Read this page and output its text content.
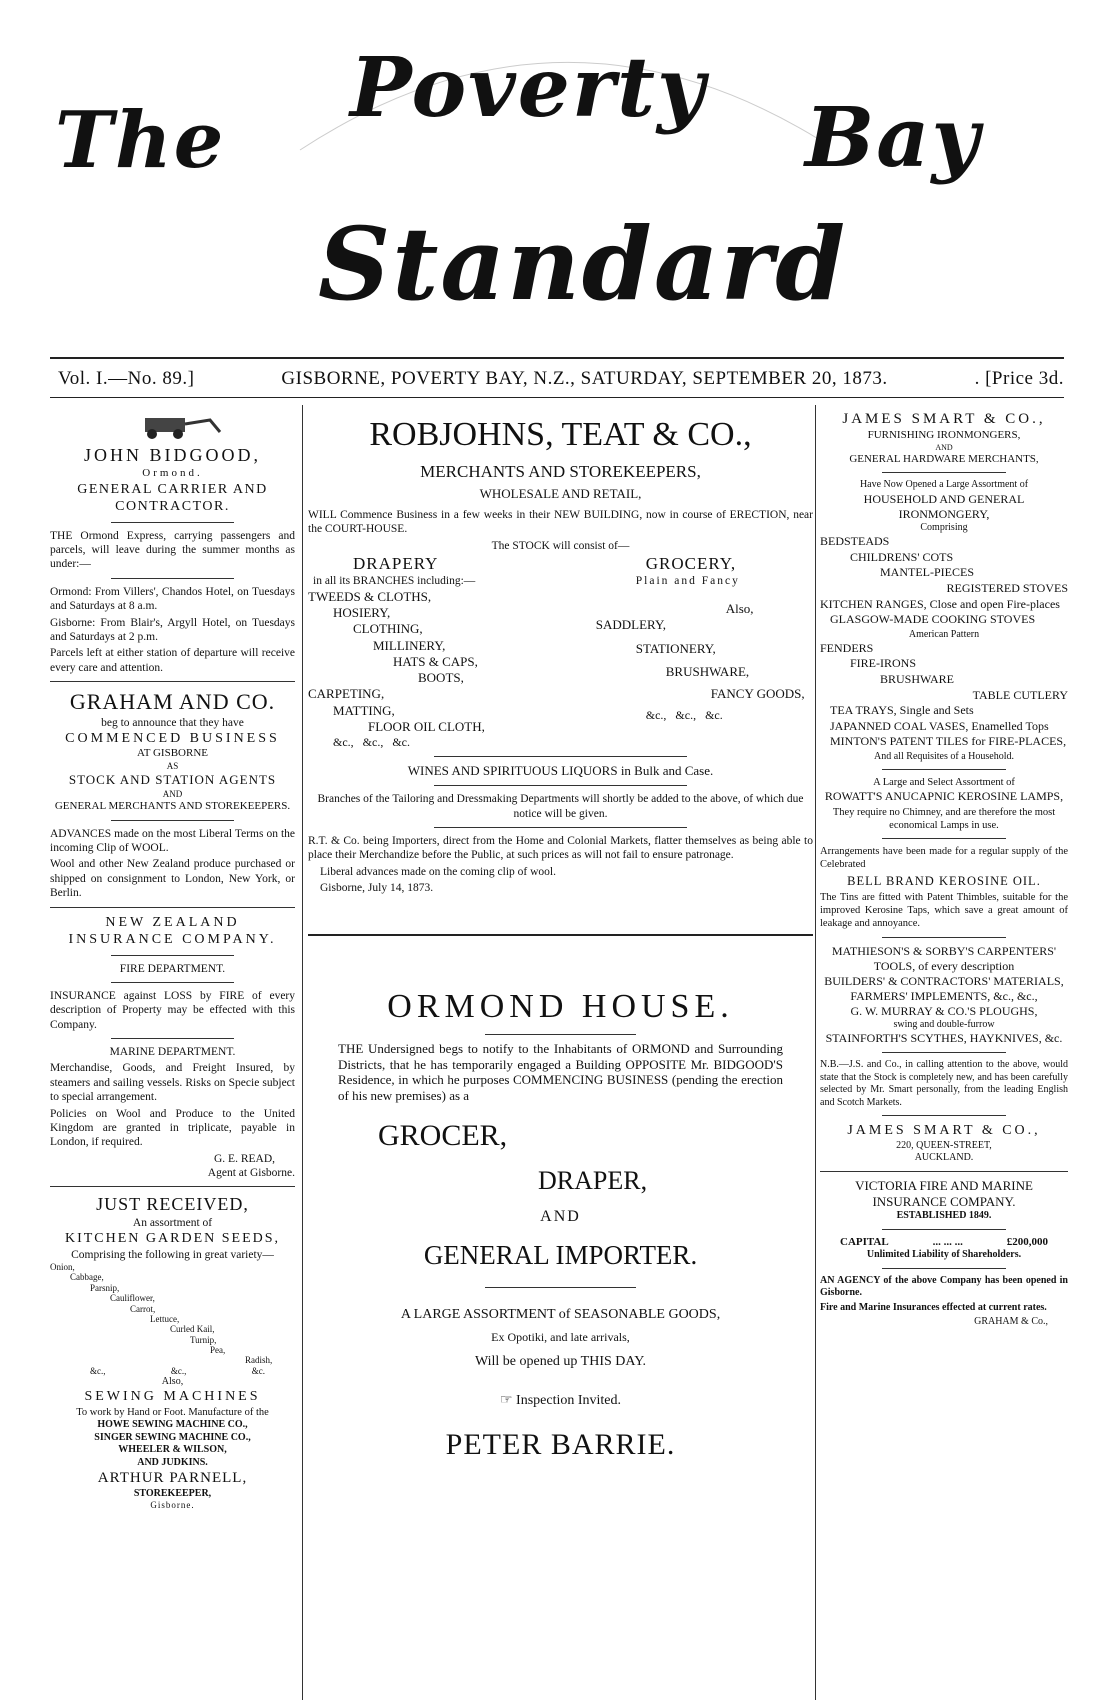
The
Poverty
Bay
Standard
Vol. I.—No. 89.]	GISBORNE, POVERTY BAY, N.Z., SATURDAY, SEPTEMBER 20, 1873.	. [Price 3d.
JOHN BIDGOOD,
Ormond.
GENERAL CARRIER AND CONTRACTOR.

THE Ormond Express, carrying passengers and parcels, will leave during the summer months as under:—

Ormond: From Villers', Chandos Hotel, on Tuesdays and Saturdays at 8 a.m.

Gisborne: From Blair's, Argyll Hotel, on Tuesdays and Saturdays at 2 p.m.

Parcels left at either station of departure will receive every care and attention.

GRAHAM AND CO.
beg to announce that they have
COMMENCED BUSINESS
AT GISBORNE
AS
STOCK AND STATION AGENTS
AND
GENERAL MERCHANTS AND STOREKEEPERS.

ADVANCES made on the most Liberal Terms on the incoming Clip of WOOL.

Wool and other New Zealand produce purchased or shipped on consignment to London, New York, or Berlin.

NEW ZEALAND
INSURANCE COMPANY.
FIRE DEPARTMENT.

INSURANCE against LOSS by FIRE of every description of Property may be effected with this Company.

MARINE DEPARTMENT.

Merchandise, Goods, and Freight Insured, by steamers and sailing vessels. Risks on Specie subject to special arrangement.

Policies on Wool and Produce to the United Kingdom are granted in triplicate, payable in London, if required.

G. E. READ,
Agent at Gisborne.
JUST RECEIVED,
An assortment of
KITCHEN GARDEN SEEDS,
Comprising the following in great variety—
Onion,
Cabbage,
Parsnip,
Cauliflower,
Carrot,
Lettuce,
Curled Kail,
Turnip,
Pea,
Radish,
&c.,	&c.,	&c.
Also,
SEWING MACHINES
To work by Hand or Foot. Manufacture of the
HOWE SEWING MACHINE CO.,
SINGER SEWING MACHINE CO.,
WHEELER & WILSON,
AND JUDKINS.
ARTHUR PARNELL,
STOREKEEPER,
Gisborne.
ROBJOHNS, TEAT & CO.,
MERCHANTS AND STOREKEEPERS,
WHOLESALE AND RETAIL,

WILL Commence Business in a few weeks in their NEW BUILDING, now in course of ERECTION, near the COURT-HOUSE.

The STOCK will consist of—
DRAPERY
in all its BRANCHES including:—
TWEEDS & CLOTHS,
HOSIERY,
CLOTHING,
MILLINERY,
HATS & CAPS,
BOOTS,
CARPETING,
MATTING,
FLOOR OIL CLOTH,
&c.,   &c.,   &c.
GROCERY,
Plain and Fancy
Also,
SADDLERY,
STATIONERY,
BRUSHWARE,
FANCY GOODS,
&c.,   &c.,   &c.
WINES AND SPIRITUOUS LIQUORS in Bulk and Case.

Branches of the Tailoring and Dressmaking Departments will shortly be added to the above, of which due notice will be given.

R.T. & Co. being Importers, direct from the Home and Colonial Markets, flatter themselves as being able to place their Merchandize before the Public, at such prices as will not fail to ensure patronage.

Liberal advances made on the coming clip of wool.

Gisborne, July 14, 1873.

ORMOND HOUSE.

THE Undersigned begs to notify to the Inhabitants of ORMOND and Surrounding Districts, that he has temporarily engaged a Building OPPOSITE Mr. BIDGOOD'S Residence, in which he purposes COMMENCING BUSINESS (pending the erection of his new premises) as a

GROCER,
DRAPER,
AND
GENERAL IMPORTER.
A LARGE ASSORTMENT of SEASONABLE GOODS,
Ex Opotiki, and late arrivals,
Will be opened up THIS DAY.
☞ Inspection Invited.
PETER BARRIE.
JAMES SMART & CO.,
FURNISHING IRONMONGERS,
AND
GENERAL HARDWARE MERCHANTS,
Have Now Opened a Large Assortment of
HOUSEHOLD AND GENERAL IRONMONGERY,
Comprising
BEDSTEADS
CHILDRENS' COTS
MANTEL-PIECES
REGISTERED STOVES
KITCHEN RANGES, Close and open Fire-places
GLASGOW-MADE COOKING STOVES
American Pattern
FENDERS
FIRE-IRONS
BRUSHWARE
TABLE CUTLERY
TEA TRAYS, Single and Sets
JAPANNED COAL VASES, Enamelled Tops
MINTON'S PATENT TILES for FIRE-PLACES,
And all Requisites of a Household.
A Large and Select Assortment of
ROWATT'S ANUCAPNIC KEROSINE LAMPS,

They require no Chimney, and are therefore the most economical Lamps in use.

Arrangements have been made for a regular supply of the Celebrated

BELL BRAND KEROSINE OIL.

The Tins are fitted with Patent Thimbles, suitable for the improved Kerosine Taps, which save a great amount of leakage and annoyance.

MATHIESON'S & SORBY'S CARPENTERS' TOOLS, of every description
BUILDERS' & CONTRACTORS' MATERIALS, FARMERS' IMPLEMENTS, &c., &c.,
G. W. MURRAY & CO.'S PLOUGHS,
swing and double-furrow
STAINFORTH'S SCYTHES, HAYKNIVES, &c.

N.B.—J.S. and Co., in calling attention to the above, would state that the Stock is completely new, and has been carefully selected by Mr. Smart personally, from the leading English and Scotch Markets.

JAMES SMART & CO.,
220, QUEEN-STREET,
AUCKLAND.
VICTORIA FIRE AND MARINE INSURANCE COMPANY.
ESTABLISHED 1849.
CAPITAL	... ... ...	£200,000
Unlimited Liability of Shareholders.

AN AGENCY of the above Company has been opened in Gisborne.

Fire and Marine Insurances effected at current rates.

GRAHAM & Co.,
